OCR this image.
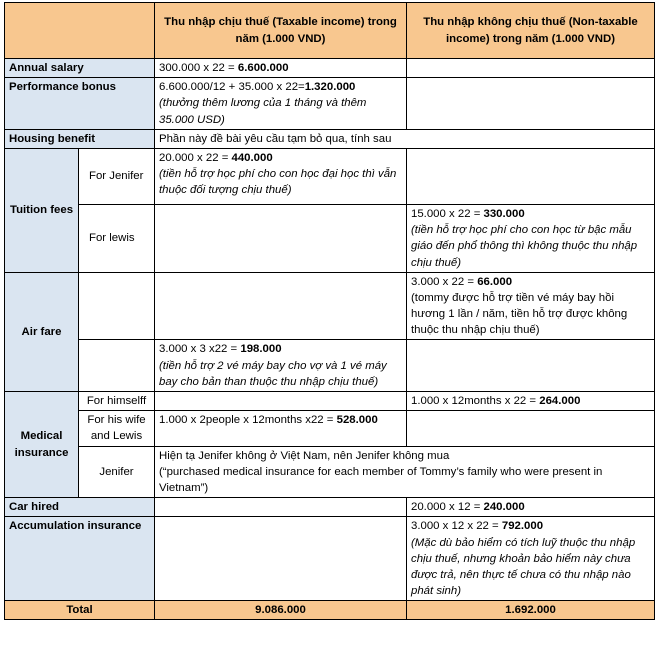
		Thu nhập chịu thuế (Taxable income) trong năm (1.000 VND)	Thu nhập không chịu thuế (Non-taxable income) trong năm (1.000 VND)
Annual salary		300.000 x 22 = 6.600.000	
Performance bonus		6.600.000/12 + 35.000 x 22=1.320.000
(thưởng thêm lương của 1 tháng và thêm 35.000 USD)	
Housing benefit		Phần này đề bài yêu cầu tạm bỏ qua, tính sau	
Tuition fees	For Jenifer	20.000 x 22 = 440.000
(tiền hỗ trợ học phí cho con học đại học thì vẫn thuộc đối tượng chịu thuế)	
	For lewis		15.000 x 22 = 330.000
(tiền hỗ trợ học phí cho con học từ bậc mẫu giáo đến phổ thông thì không thuộc thu nhập chịu thuế)
Air fare			3.000 x 22 = 66.000
(tommy được hỗ trợ tiền vé máy bay hồi hương 1 lần / năm, tiền hỗ trợ được không thuộc thu nhập chịu thuế)
		3.000 x 3 x22 = 198.000
(tiền hỗ trợ 2 vé máy bay cho vợ và 1 vé máy bay cho bản than thuộc thu nhập chịu thuế)	
Medical insurance	For himselff		1.000 x 12months x 22 = 264.000
	For his wife and Lewis	1.000 x 2people x 12months x22 = 528.000	
	Jenifer	Hiện tạ Jenifer không ở Việt Nam, nên Jenifer không mua
(“purchased medical insurance for each member of Tommy’s family who were present in Vietnam”)	
Car hired			20.000 x 12 = 240.000
Accumulation insurance			3.000 x 12 x 22 = 792.000
(Mặc dù bảo hiểm có tích luỹ thuộc thu nhập chịu thuế, nhưng khoản bảo hiểm này chưa được trả, nên thực tế chưa có thu nhập nào phát sinh)
Total		9.086.000	1.692.000
